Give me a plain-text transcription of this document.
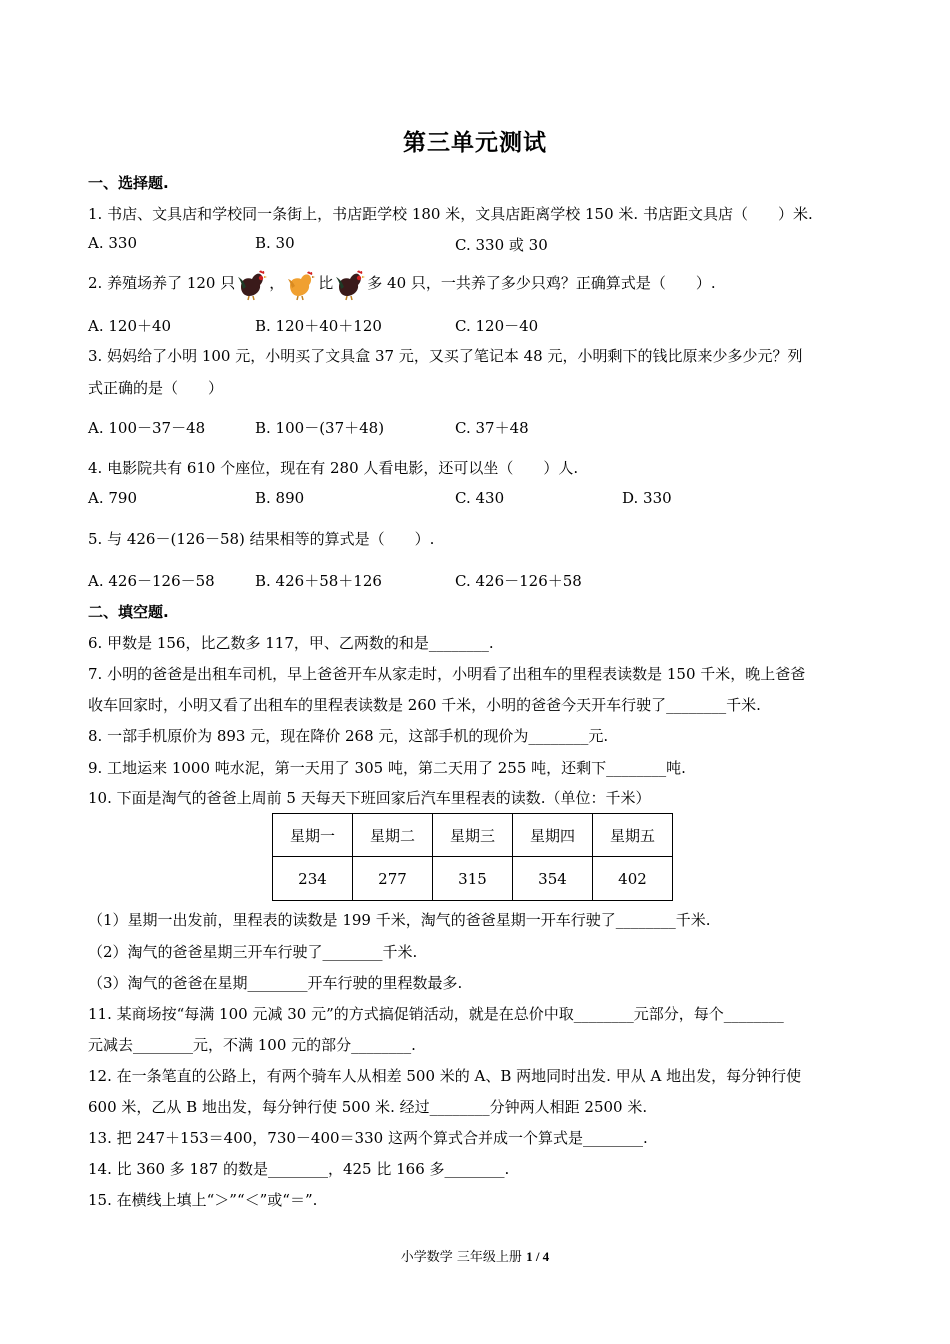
第三单元测试
一、选择题.
1. 书店、文具店和学校同一条街上，书店距学校 180 米，文具店距离学校 150 米. 书店距文具店（　　）米.
A. 330	B. 30	C. 330 或 30
2. 养殖场养了 120 只 ， 比 多 40 只，一共养了多少只鸡？正确算式是（　　）.
A. 120＋40	B. 120＋40＋120	C. 120－40
3. 妈妈给了小明 100 元，小明买了文具盒 37 元，又买了笔记本 48 元，小明剩下的钱比原来少多少元？列
式正确的是（　　）
A. 100－37－48	B. 100－(37＋48)	C. 37＋48
4. 电影院共有 610 个座位，现在有 280 人看电影，还可以坐（　　）人.
A. 790	B. 890	C. 430	D. 330
5. 与 426－(126－58) 结果相等的算式是（　　）.
A. 426－126－58	B. 426＋58＋126	C. 426－126＋58
二、填空题.
6. 甲数是 156，比乙数多 117，甲、乙两数的和是________.
7. 小明的爸爸是出租车司机，早上爸爸开车从家走时，小明看了出租车的里程表读数是 150 千米，晚上爸爸
收车回家时，小明又看了出租车的里程表读数是 260 千米，小明的爸爸今天开车行驶了________千米.
8. 一部手机原价为 893 元，现在降价 268 元，这部手机的现价为________元.
9. 工地运来 1000 吨水泥，第一天用了 305 吨，第二天用了 255 吨，还剩下________吨.
10. 下面是淘气的爸爸上周前 5 天每天下班回家后汽车里程表的读数.（单位：千米）
星期一	星期二	星期三	星期四	星期五
234	277	315	354	402
（1）星期一出发前，里程表的读数是 199 千米，淘气的爸爸星期一开车行驶了________千米.
（2）淘气的爸爸星期三开车行驶了________千米.
（3）淘气的爸爸在星期________开车行驶的里程数最多.
11. 某商场按“每满 100 元减 30 元”的方式搞促销活动，就是在总价中取________元部分，每个________
元减去________元，不满 100 元的部分________.
12. 在一条笔直的公路上，有两个骑车人从相差 500 米的 A、B 两地同时出发. 甲从 A 地出发，每分钟行使
600 米，乙从 B 地出发，每分钟行使 500 米. 经过________分钟两人相距 2500 米.
13. 把 247＋153＝400，730－400＝330 这两个算式合并成一个算式是________.
14. 比 360 多 187 的数是________，425 比 166 多________.
15. 在横线上填上“＞”“＜”或“＝”.
小学数学 三年级上册 1 / 4
